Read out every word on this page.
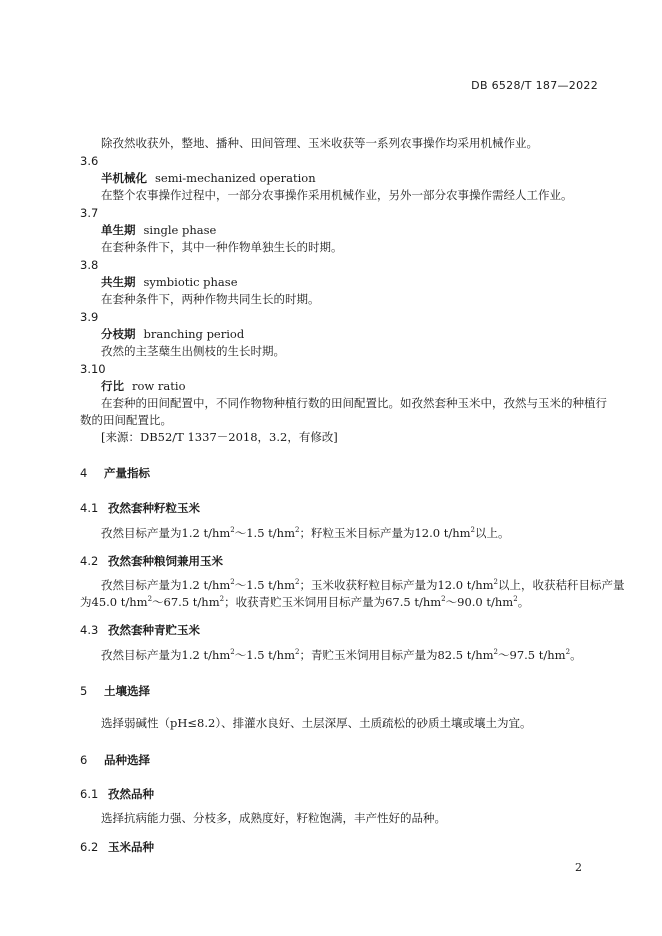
DB 6528/T 187—2022
除孜然收获外，整地、播种、田间管理、玉米收获等一系列农事操作均采用机械作业。
3.6
半机械化 semi-mechanized operation
在整个农事操作过程中，一部分农事操作采用机械作业，另外一部分农事操作需经人工作业。
3.7
单生期 single phase
在套种条件下，其中一种作物单独生长的时期。
3.8
共生期 symbiotic phase
在套种条件下，两种作物共同生长的时期。
3.9
分枝期 branching period
孜然的主茎蘖生出侧枝的生长时期。
3.10
行比 row ratio
在套种的田间配置中，不同作物物种植行数的田间配置比。如孜然套种玉米中，孜然与玉米的种植行
数的田间配置比。
[来源：DB52/T 1337－2018，3.2，有修改]
4 产量指标
4.1 孜然套种籽粒玉米
孜然目标产量为1.2 $t/hm^2\sim 1.5$ $t/hm^2$；籽粒玉米目标产量为12.0 $t/hm^2$以上。
4.2 孜然套种粮饲兼用玉米
孜然目标产量为1.2 $t/hm^2\sim 1.5$ $t/hm^2$；玉米收获籽粒目标产量为12.0 $t/hm^2$以上，收获秸秆目标产量
为45.0 $t/hm^2\sim 67.5$ $t/hm^2$；收获青贮玉米饲用目标产量为67.5 $t/hm^2\sim 90.0$ $t/hm^2$。
4.3 孜然套种青贮玉米
孜然目标产量为1.2 $t/hm^2\sim 1.5$ $t/hm^2$；青贮玉米饲用目标产量为82.5 $t/hm^2\sim 97.5$ $t/hm^2$。
5 土壤选择
选择弱碱性（pH≤8.2）、排灌水良好、土层深厚、土质疏松的砂质土壤或壤土为宜。
6 品种选择
6.1 孜然品种
选择抗病能力强、分枝多，成熟度好，籽粒饱满，丰产性好的品种。
6.2 玉米品种
2
